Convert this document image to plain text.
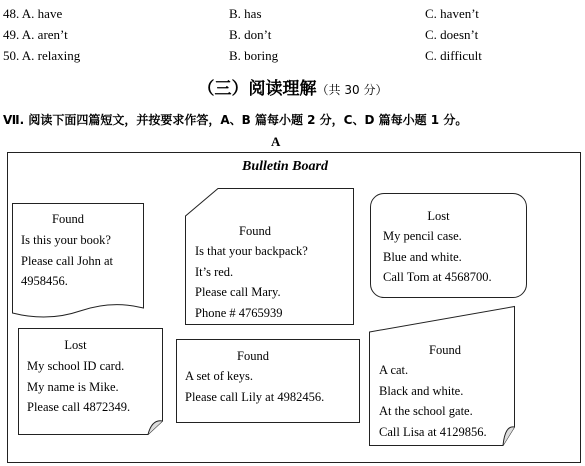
48. A. have	B. has	C. haven’t
49. A. aren’t	B. don’t	C. doesn’t
50. A. relaxing	B. boring	C. difficult
（三）阅读理解（共 30 分）
Ⅶ. 阅读下面四篇短文，并按要求作答，A、B 篇每小题 2 分，C、D 篇每小题 1 分。
A
Bulletin Board
Found
Is this your book?
Please call John at
4958456.
Found
Is that your backpack?
It’s red.
Please call Mary.
Phone # 4765939
Lost
My pencil case.
Blue and white.
Call Tom at 4568700.
Lost
My school ID card.
My name is Mike.
Please call 4872349.
Found
A set of keys.
Please call Lily at 4982456.
Found
A cat.
Black and white.
At the school gate.
Call Lisa at 4129856.
